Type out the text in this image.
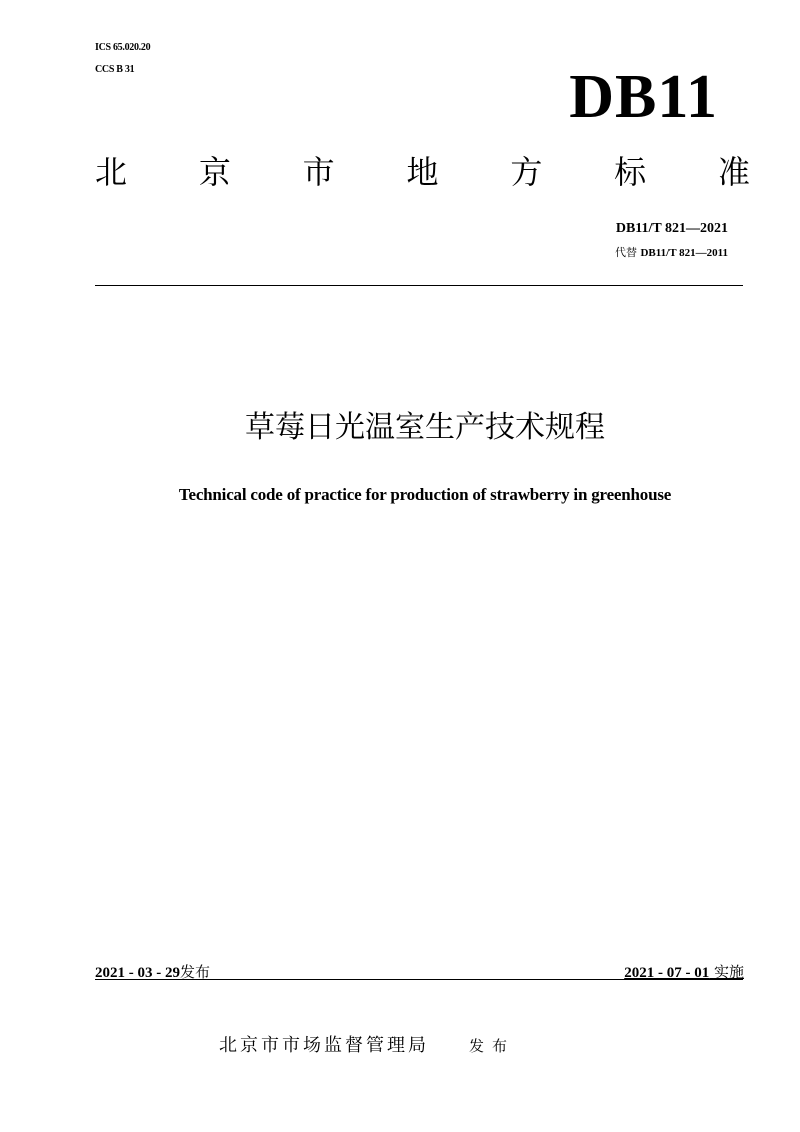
ICS 65.020.20
CCS B 31	DB11
北 京 市 地 方 标 准
DB11/T 821—2021
代替 DB11/T 821—2011
草莓日光温室生产技术规程
Technical code of practice for production of strawberry in greenhouse
2021 - 03 - 29发布	2021 - 07 - 01 实施
北京市市场监督管理局	发布
